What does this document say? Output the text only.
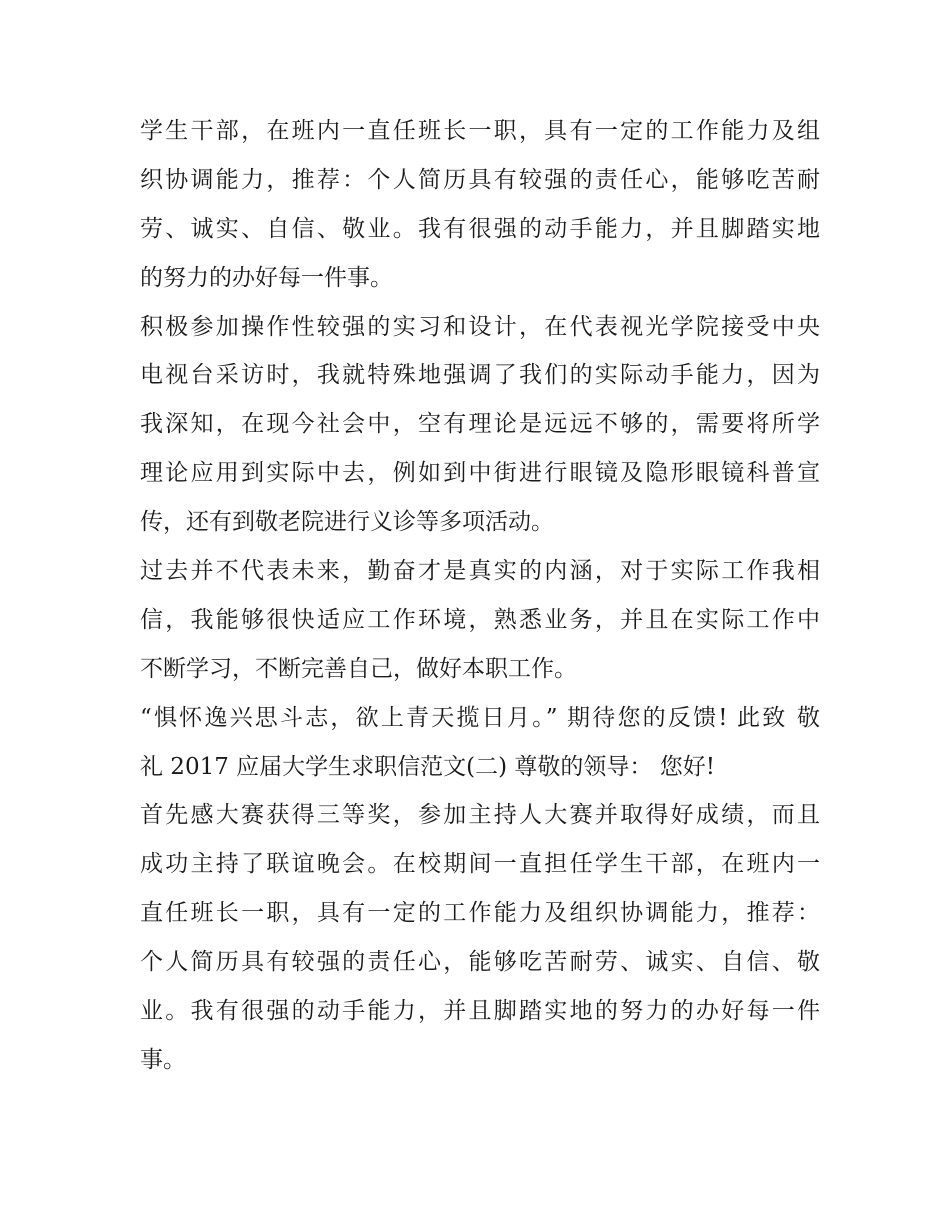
学生干部，在班内一直任班长一职，具有一定的工作能力及组
织协调能力，推荐：个人简历具有较强的责任心，能够吃苦耐
劳、诚实、自信、敬业。我有很强的动手能力，并且脚踏实地
的努力的办好每一件事。
积极参加操作性较强的实习和设计，在代表视光学院接受中央
电视台采访时，我就特殊地强调了我们的实际动手能力，因为
我深知，在现今社会中，空有理论是远远不够的，需要将所学
理论应用到实际中去，例如到中街进行眼镜及隐形眼镜科普宣
传，还有到敬老院进行义诊等多项活动。
过去并不代表未来，勤奋才是真实的内涵，对于实际工作我相
信，我能够很快适应工作环境，熟悉业务，并且在实际工作中
不断学习，不断完善自己，做好本职工作。
“惧怀逸兴思斗志，欲上青天揽日月。” 期待您的反馈! 此致 敬
礼 2017 应届大学生求职信范文(二) 尊敬的领导： 您好!
首先感大赛获得三等奖，参加主持人大赛并取得好成绩，而且
成功主持了联谊晚会。在校期间一直担任学生干部，在班内一
直任班长一职，具有一定的工作能力及组织协调能力，推荐：
个人简历具有较强的责任心，能够吃苦耐劳、诚实、自信、敬
业。我有很强的动手能力，并且脚踏实地的努力的办好每一件
事。
